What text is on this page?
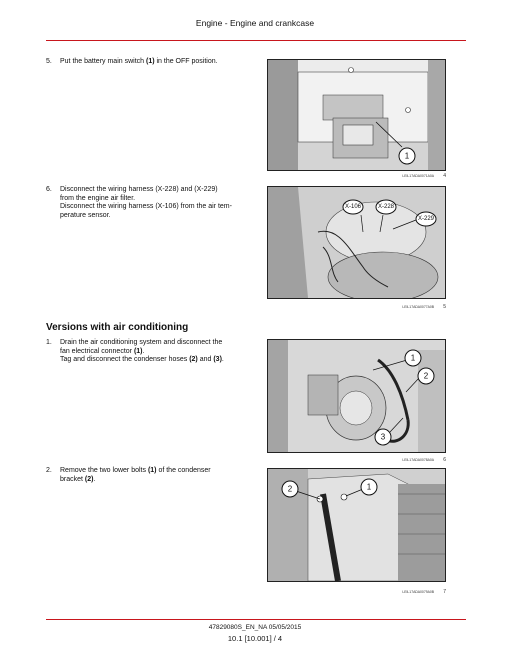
Engine - Engine and crankcase
5. Put the battery main switch (1) in the OFF position.
1
LEIL17ADA0071A0A	4
6. Disconnect the wiring harness (X-228) and (X-229)
from the engine air filter.
Disconnect the wiring harness (X-106) from the air tem-
perature sensor.
X-106	X-228
X-229
LEIL17ADA0077A0B	5
Versions with air conditioning
1. Drain the air conditioning system and disconnect the
fan electrical connector (1).
Tag and disconnect the condenser hoses (2) and (3).	1
2
3
LEIL17ADA0078A0A	6
2. Remove the two lower bolts (1) of the condenser
bracket (2).
2	1
LEIL17ADA0079A0B	7
47829080S_EN_NA 05/05/2015
10.1 [10.001] / 4
